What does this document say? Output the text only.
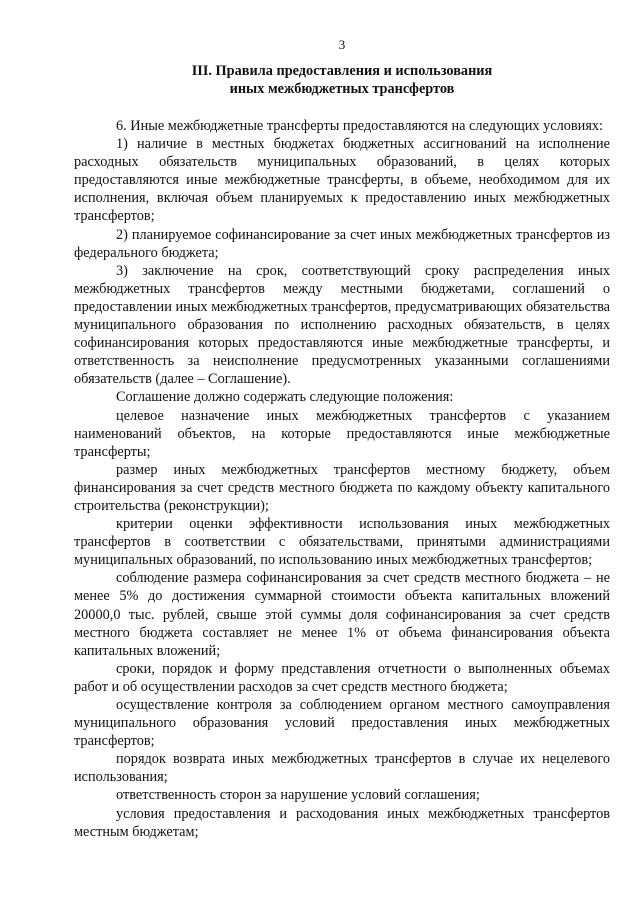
3
III. Правила предоставления и использования
иных межбюджетных трансфертов

6. Иные межбюджетные трансферты предоставляются на следующих условиях:

1) наличие в местных бюджетах бюджетных ассигнований на исполнение расходных обязательств муниципальных образований, в целях которых предоставляются иные межбюджетные трансферты, в объеме, необходимом для их исполнения, включая объем планируемых к предоставлению иных межбюджетных трансфертов;

2) планируемое софинансирование за счет иных межбюджетных трансфертов из федерального бюджета;

3) заключение на срок, соответствующий сроку распределения иных межбюджетных трансфертов между местными бюджетами, соглашений о предоставлении иных межбюджетных трансфертов, предусматривающих обязательства муниципального образования по исполнению расходных обязательств, в целях софинансирования которых предоставляются иные межбюджетные трансферты, и ответственность за неисполнение предусмотренных указанными соглашениями обязательств (далее – Соглашение).

Соглашение должно содержать следующие положения:

целевое назначение иных межбюджетных трансфертов с указанием наименований объектов, на которые предоставляются иные межбюджетные трансферты;

размер иных межбюджетных трансфертов местному бюджету, объем финансирования за счет средств местного бюджета по каждому объекту капитального строительства (реконструкции);

критерии оценки эффективности использования иных межбюджетных трансфертов в соответствии с обязательствами, принятыми администрациями муниципальных образований, по использованию иных межбюджетных трансфертов;

соблюдение размера софинансирования за счет средств местного бюджета – не менее 5% до достижения суммарной стоимости объекта капитальных вложений 20000,0 тыс. рублей, свыше этой суммы доля софинансирования за счет средств местного бюджета составляет не менее 1% от объема финансирования объекта капитальных вложений;

сроки, порядок и форму представления отчетности о выполненных объемах работ и об осуществлении расходов за счет средств местного бюджета;

осуществление контроля за соблюдением органом местного самоуправления муниципального образования условий предоставления иных межбюджетных трансфертов;

порядок возврата иных межбюджетных трансфертов в случае их нецелевого использования;

ответственность сторон за нарушение условий соглашения;

условия предоставления и расходования иных межбюджетных трансфертов местным бюджетам;
